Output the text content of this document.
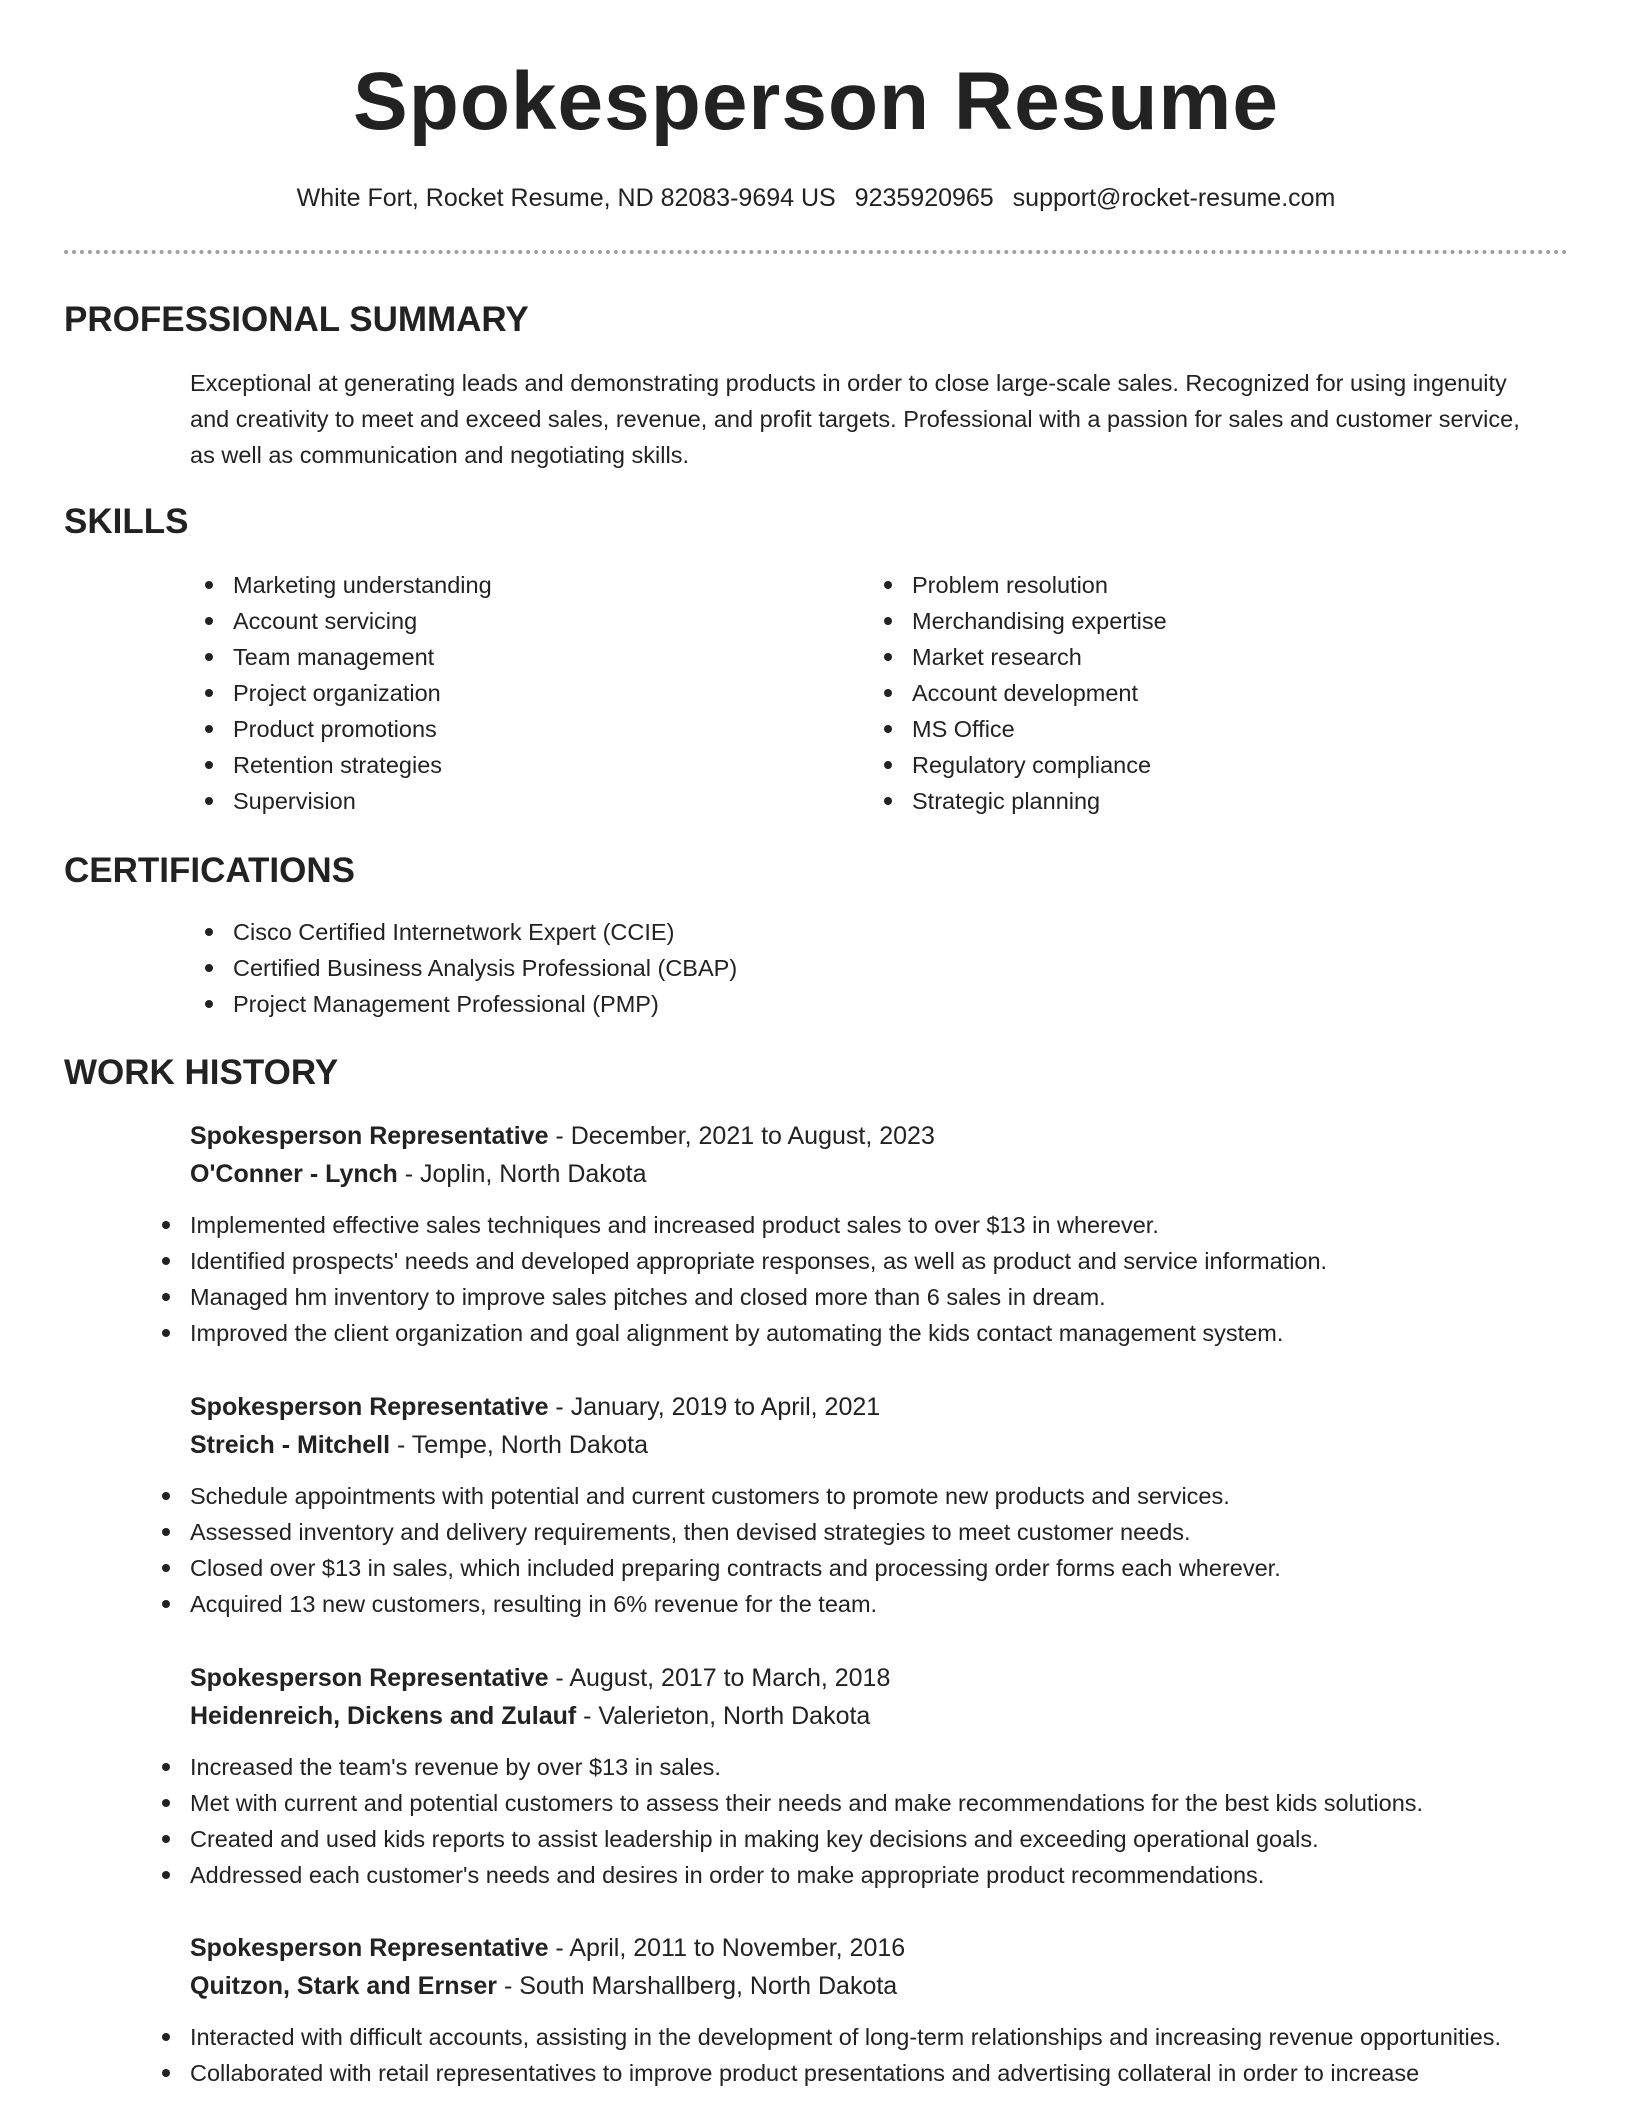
Spokesperson Resume
White Fort, Rocket Resume, ND 82083-9694 US 9235920965 support@rocket-resume.com
PROFESSIONAL SUMMARY
Exceptional at generating leads and demonstrating products in order to close large-scale sales. Recognized for using ingenuity and creativity to meet and exceed sales, revenue, and profit targets. Professional with a passion for sales and customer service, as well as communication and negotiating skills.
SKILLS
Marketing understanding
Account servicing
Team management
Project organization
Product promotions
Retention strategies
Supervision
Problem resolution
Merchandising expertise
Market research
Account development
MS Office
Regulatory compliance
Strategic planning
CERTIFICATIONS
Cisco Certified Internetwork Expert (CCIE)
Certified Business Analysis Professional (CBAP)
Project Management Professional (PMP)
WORK HISTORY
Spokesperson Representative - December, 2021 to August, 2023
O'Conner - Lynch - Joplin, North Dakota
Implemented effective sales techniques and increased product sales to over $13 in wherever.
Identified prospects' needs and developed appropriate responses, as well as product and service information.
Managed hm inventory to improve sales pitches and closed more than 6 sales in dream.
Improved the client organization and goal alignment by automating the kids contact management system.
Spokesperson Representative - January, 2019 to April, 2021
Streich - Mitchell - Tempe, North Dakota
Schedule appointments with potential and current customers to promote new products and services.
Assessed inventory and delivery requirements, then devised strategies to meet customer needs.
Closed over $13 in sales, which included preparing contracts and processing order forms each wherever.
Acquired 13 new customers, resulting in 6% revenue for the team.
Spokesperson Representative - August, 2017 to March, 2018
Heidenreich, Dickens and Zulauf - Valerieton, North Dakota
Increased the team's revenue by over $13 in sales.
Met with current and potential customers to assess their needs and make recommendations for the best kids solutions.
Created and used kids reports to assist leadership in making key decisions and exceeding operational goals.
Addressed each customer's needs and desires in order to make appropriate product recommendations.
Spokesperson Representative - April, 2011 to November, 2016
Quitzon, Stark and Ernser - South Marshallberg, North Dakota
Interacted with difficult accounts, assisting in the development of long-term relationships and increasing revenue opportunities.
Collaborated with retail representatives to improve product presentations and advertising collateral in order to increase
